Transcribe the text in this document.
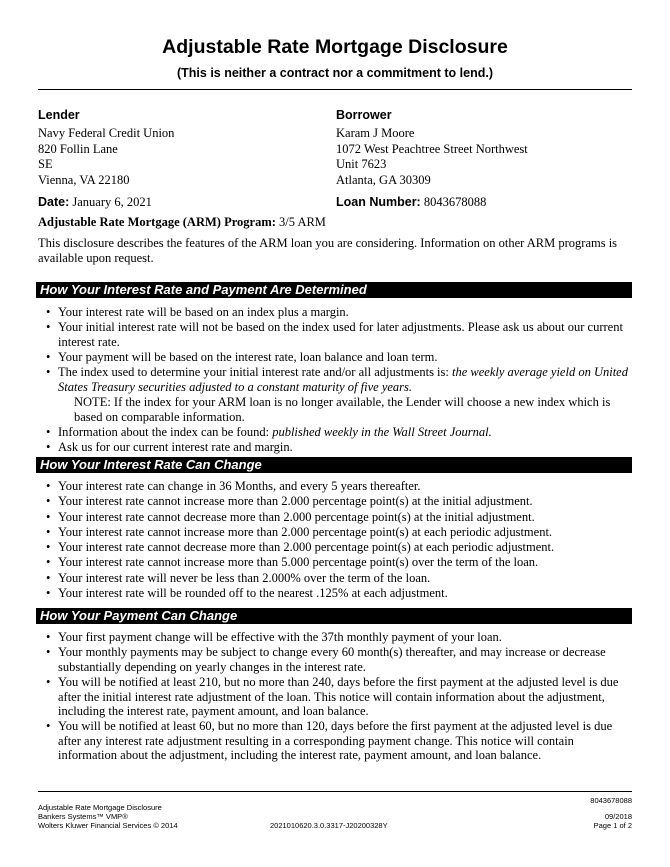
Adjustable Rate Mortgage Disclosure
(This is neither a contract nor a commitment to lend.)
Lender
Navy Federal Credit Union
820 Follin Lane
SE
Vienna, VA 22180
Date: January 6, 2021
Borrower
Karam J Moore
1072 West Peachtree Street Northwest
Unit 7623
Atlanta, GA 30309
Loan Number: 8043678088
Adjustable Rate Mortgage (ARM) Program: 3/5 ARM
This disclosure describes the features of the ARM loan you are considering. Information on other ARM programs is available upon request.
How Your Interest Rate and Payment Are Determined
• Your interest rate will be based on an index plus a margin.
• Your initial interest rate will not be based on the index used for later adjustments. Please ask us about our current interest rate.
• Your payment will be based on the interest rate, loan balance and loan term.
• The index used to determine your initial interest rate and/or all adjustments is: the weekly average yield on United States Treasury securities adjusted to a constant maturity of five years.
NOTE: If the index for your ARM loan is no longer available, the Lender will choose a new index which is based on comparable information.
• Information about the index can be found: published weekly in the Wall Street Journal.
• Ask us for our current interest rate and margin.
How Your Interest Rate Can Change
• Your interest rate can change in 36 Months, and every 5 years thereafter.
• Your interest rate cannot increase more than 2.000 percentage point(s) at the initial adjustment.
• Your interest rate cannot decrease more than 2.000 percentage point(s) at the initial adjustment.
• Your interest rate cannot increase more than 2.000 percentage point(s) at each periodic adjustment.
• Your interest rate cannot decrease more than 2.000 percentage point(s) at each periodic adjustment.
• Your interest rate cannot increase more than 5.000 percentage point(s) over the term of the loan.
• Your interest rate will never be less than 2.000% over the term of the loan.
• Your interest rate will be rounded off to the nearest .125% at each adjustment.
How Your Payment Can Change
• Your first payment change will be effective with the 37th monthly payment of your loan.
• Your monthly payments may be subject to change every 60 month(s) thereafter, and may increase or decrease substantially depending on yearly changes in the interest rate.
• You will be notified at least 210, but no more than 240, days before the first payment at the adjusted level is due after the initial interest rate adjustment of the loan. This notice will contain information about the adjustment, including the interest rate, payment amount, and loan balance.
• You will be notified at least 60, but no more than 120, days before the first payment at the adjusted level is due after any interest rate adjustment resulting in a corresponding payment change. This notice will contain information about the adjustment, including the interest rate, payment amount, and loan balance.
8043678088
Adjustable Rate Mortgage Disclosure
Bankers Systems™ VMP®
Wolters Kluwer Financial Services © 2014	2021010620.3.0.3317-J20200328Y
09/2018
Page 1 of 2
